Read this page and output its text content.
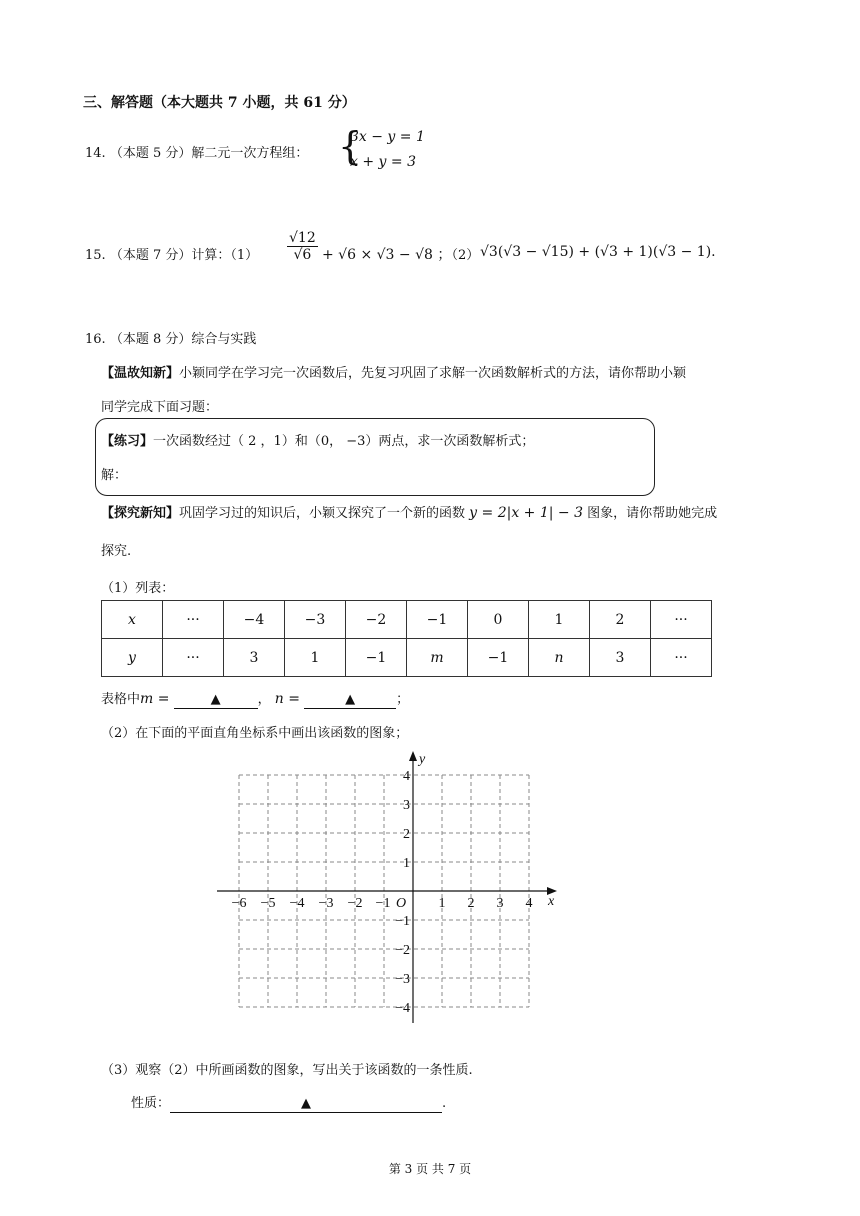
三、解答题（本大题共 7 小题，共 61 分）
14. （本题 5 分）解二元一次方程组： {
3x − y = 1
x + y = 3
15. （本题 7 分）计算：$(1) \frac{√12}{√6} + √6 \times √3 - √8$ ；
（2） √3(√3 − √15) + (√3 + 1)(√3 − 1).
16. （本题 8 分）综合与实践
【温故知新】小颖同学在学习完一次函数后，先复习巩固了求解一次函数解析式的方法，请你帮助小颖
同学完成下面习题：
【练习】一次函数经过（ 2 ，1）和（0， −3）两点，求一次函数解析式；
解：
【探究新知】巩固学习过的知识后，小颖又探究了一个新的函数 y = 2|x + 1| − 3 图象，请你帮助她完成
探究.
（1）列表：
x	···	−4	−3	−2	−1	0	1	2	···
y	···	3	1	−1	m	−1	n	3	···
表格中m =	▲	， n =	▲	；
（2）在下面的平面直角坐标系中画出该函数的图象；
x
y
O
−6 −5 −4 −3 −2 −1	1 2 3 4
4
3
2
1
−1
−2
−3
−4
（3）观察（2）中所画函数的图象，写出关于该函数的一条性质.
性质：	▲	.
第 3 页 共 7 页
